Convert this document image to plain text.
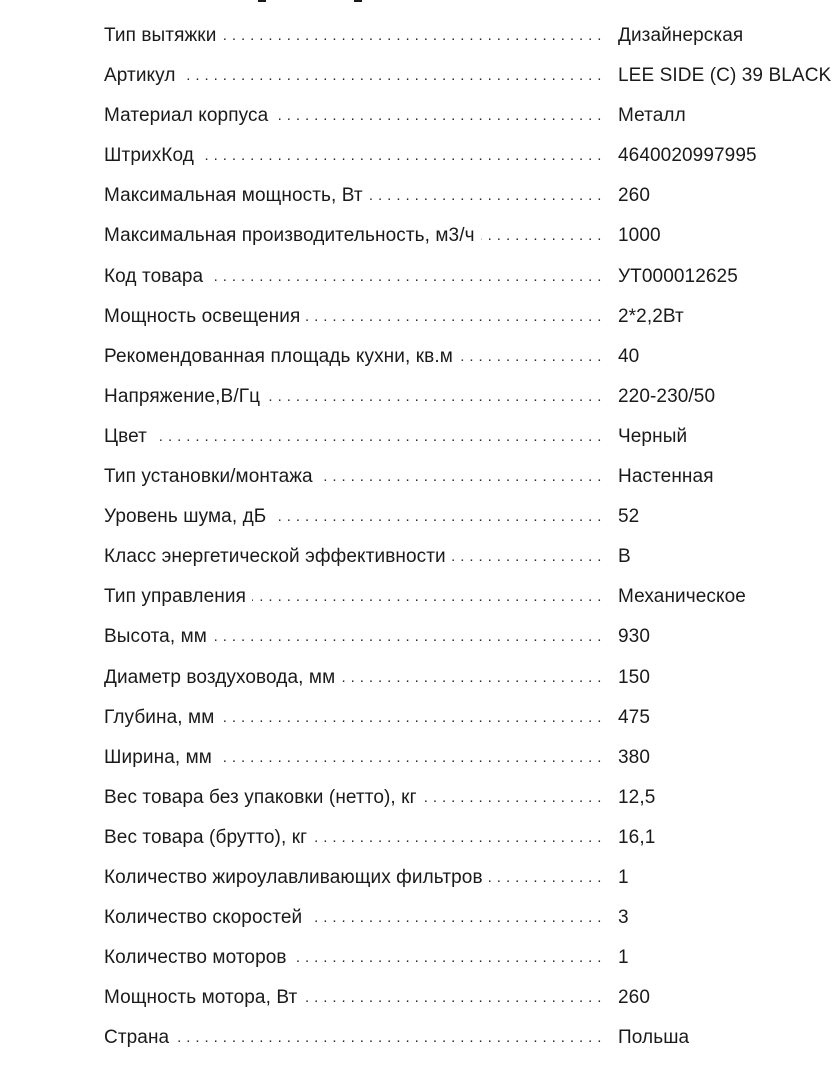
Тип вытяжки . . .	Дизайнерская
Артикул . . .	LEE SIDE (C) 39 BLACK
Материал корпуса . . .	Металл
ШтрихКод . . .	4640020997995
Максимальная мощность, Вт . . .	260
Максимальная производительность, м3/ч . . .	1000
Код товара . . .	УТ000012625
Мощность освещения . . .	2*2,2Вт
Рекомендованная площадь кухни, кв.м . . .	40
Напряжение,В/Гц . . .	220-230/50
Цвет . . .	Черный
Тип установки/монтажа . . .	Настенная
Уровень шума, дБ . . .	52
Класс энергетической эффективности . . .	B
Тип управления . . .	Механическое
Высота, мм . . .	930
Диаметр воздуховода, мм . . .	150
Глубина, мм . . .	475
Ширина, мм . . .	380
Вес товара без упаковки (нетто), кг . . .	12,5
Вес товара (брутто), кг . . .	16,1
Количество жироулавливающих фильтров . . .	1
Количество скоростей . . .	3
Количество моторов . . .	1
Мощность мотора, Вт . . .	260
Страна . . .	Польша
